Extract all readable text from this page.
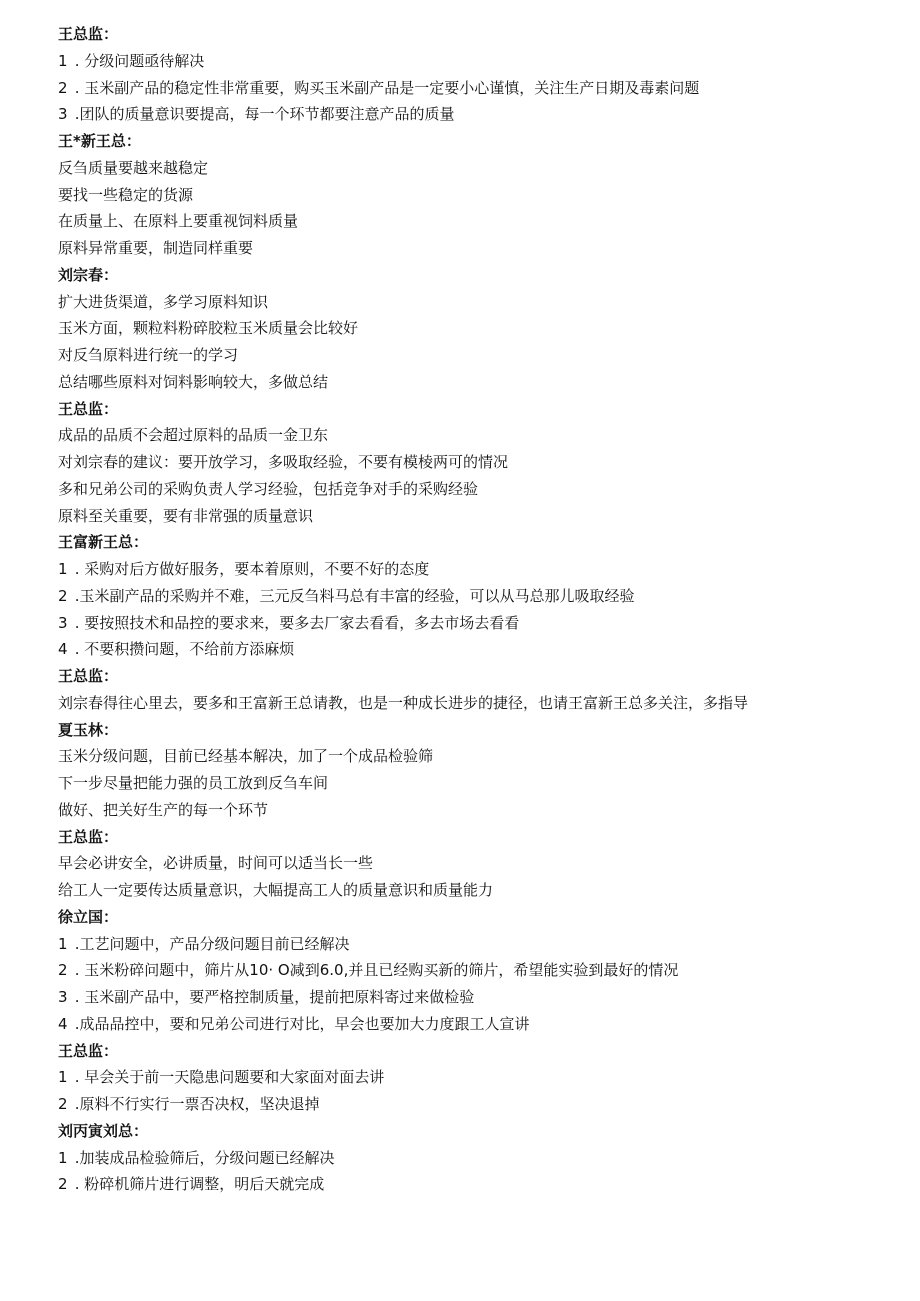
王总监：
1 . 分级问题亟待解决
2 . 玉米副产品的稳定性非常重要，购买玉米副产品是一定要小心谨慎，关注生产日期及毒素问题
3 .团队的质量意识要提高，每一个环节都要注意产品的质量
王*新王总：
反刍质量要越来越稳定
要找一些稳定的货源
在质量上、在原料上要重视饲料质量
原料异常重要，制造同样重要
刘宗春：
扩大进货渠道，多学习原料知识
玉米方面，颗粒料粉碎胶粒玉米质量会比较好
对反刍原料进行统一的学习
总结哪些原料对饲料影响较大，多做总结
王总监：
成品的品质不会超过原料的品质一金卫东
对刘宗春的建议：要开放学习，多吸取经验，不要有模棱两可的情况
多和兄弟公司的采购负责人学习经验，包括竞争对手的采购经验
原料至关重要，要有非常强的质量意识
王富新王总：
1 . 采购对后方做好服务，要本着原则，不要不好的态度
2 .玉米副产品的采购并不难，三元反刍料马总有丰富的经验，可以从马总那儿吸取经验
3 . 要按照技术和品控的要求来，要多去厂家去看看，多去市场去看看
4 . 不要积攒问题，不给前方添麻烦
王总监：
刘宗春得往心里去，要多和王富新王总请教，也是一种成长进步的捷径，也请王富新王总多关注，多指导
夏玉林：
玉米分级问题，目前已经基本解决，加了一个成品检验筛
下一步尽量把能力强的员工放到反刍车间
做好、把关好生产的每一个环节
王总监：
早会必讲安全，必讲质量，时间可以适当长一些
给工人一定要传达质量意识，大幅提高工人的质量意识和质量能力
徐立国：
1 .工艺问题中，产品分级问题目前已经解决
2 . 玉米粉碎问题中，筛片从10· O减到6.0,并且已经购买新的筛片，希望能实验到最好的情况
3 . 玉米副产品中，要严格控制质量，提前把原料寄过来做检验
4 .成品品控中，要和兄弟公司进行对比，早会也要加大力度跟工人宣讲
王总监：
1 . 早会关于前一天隐患问题要和大家面对面去讲
2 .原料不行实行一票否决权，坚决退掉
刘丙寅刘总：
1 .加装成品检验筛后，分级问题已经解决
2 . 粉碎机筛片进行调整，明后天就完成
